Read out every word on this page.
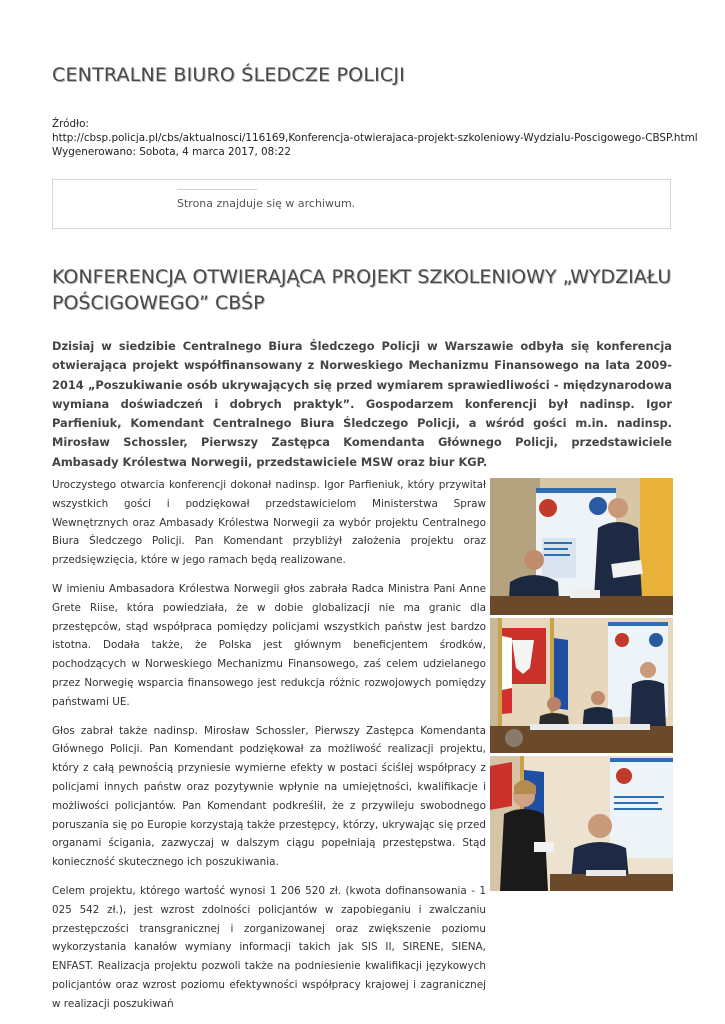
CENTRALNE BIURO ŚLEDCZE POLICJI
Źródło:
http://cbsp.policja.pl/cbs/aktualnosci/116169,Konferencja-otwierajaca-projekt-szkoleniowy-Wydzialu-Poscigowego-CBSP.html
Wygenerowano: Sobota, 4 marca 2017, 08:22
Strona znajduje się w archiwum.
KONFERENCJA OTWIERAJĄCA PROJEKT SZKOLENIOWY „WYDZIAŁU POŚCIGOWEGO” CBŚP

Dzisiaj w siedzibie Centralnego Biura Śledczego Policji w Warszawie odbyła się konferencja otwierająca projekt współfinansowany z Norweskiego Mechanizmu Finansowego na lata 2009-2014 „Poszukiwanie osób ukrywających się przed wymiarem sprawiedliwości - międzynarodowa wymiana doświadczeń i dobrych praktyk”. Gospodarzem konferencji był nadinsp. Igor Parfieniuk, Komendant Centralnego Biura Śledczego Policji, a wśród gości m.in. nadinsp. Mirosław Schossler, Pierwszy Zastępca Komendanta Głównego Policji, przedstawiciele Ambasady Królestwa Norwegii, przedstawiciele MSW oraz biur KGP.

Uroczystego otwarcia konferencji dokonał nadinsp. Igor Parfieniuk, który przywitał wszystkich gości i podziękował przedstawicielom Ministerstwa Spraw Wewnętrznych oraz Ambasady Królestwa Norwegii za wybór projektu Centralnego Biura Śledczego Policji. Pan Komendant przybliżył założenia projektu oraz przedsięwzięcia, które w jego ramach będą realizowane.

W imieniu Ambasadora Królestwa Norwegii głos zabrała Radca Ministra Pani Anne Grete Riise, która powiedziała, że w dobie globalizacji nie ma granic dla przestępców, stąd współpraca pomiędzy policjami wszystkich państw jest bardzo istotna. Dodała także, że Polska jest głównym beneficjentem środków, pochodzących w Norweskiego Mechanizmu Finansowego, zaś celem udzielanego przez Norwegię wsparcia finansowego jest redukcja różnic rozwojowych pomiędzy państwami UE.

Głos zabrał także nadinsp. Mirosław Schossler, Pierwszy Zastępca Komendanta Głównego Policji. Pan Komendant podziękował za możliwość realizacji projektu, który z całą pewnością przyniesie wymierne efekty w postaci ściślej współpracy z policjami innych państw oraz pozytywnie wpłynie na umiejętności, kwalifikacje i możliwości policjantów. Pan Komendant podkreślił, że z przywileju swobodnego poruszania się po Europie korzystają także przestępcy, którzy, ukrywając się przed organami ścigania, zazwyczaj w dalszym ciągu popełniają przestępstwa. Stąd konieczność skutecznego ich poszukiwania.

Celem projektu, którego wartość wynosi 1 206 520 zł. (kwota dofinansowania - 1 025 542 zł.), jest wzrost zdolności policjantów w zapobieganiu i zwalczaniu przestępczości transgranicznej i zorganizowanej oraz zwiększenie poziomu wykorzystania kanałów wymiany informacji takich jak SIS II, SIRENE, SIENA, ENFAST. Realizacja projektu pozwoli także na podniesienie kwalifikacji językowych policjantów oraz wzrost poziomu efektywności współpracy krajowej i zagranicznej w realizacji poszukiwań
